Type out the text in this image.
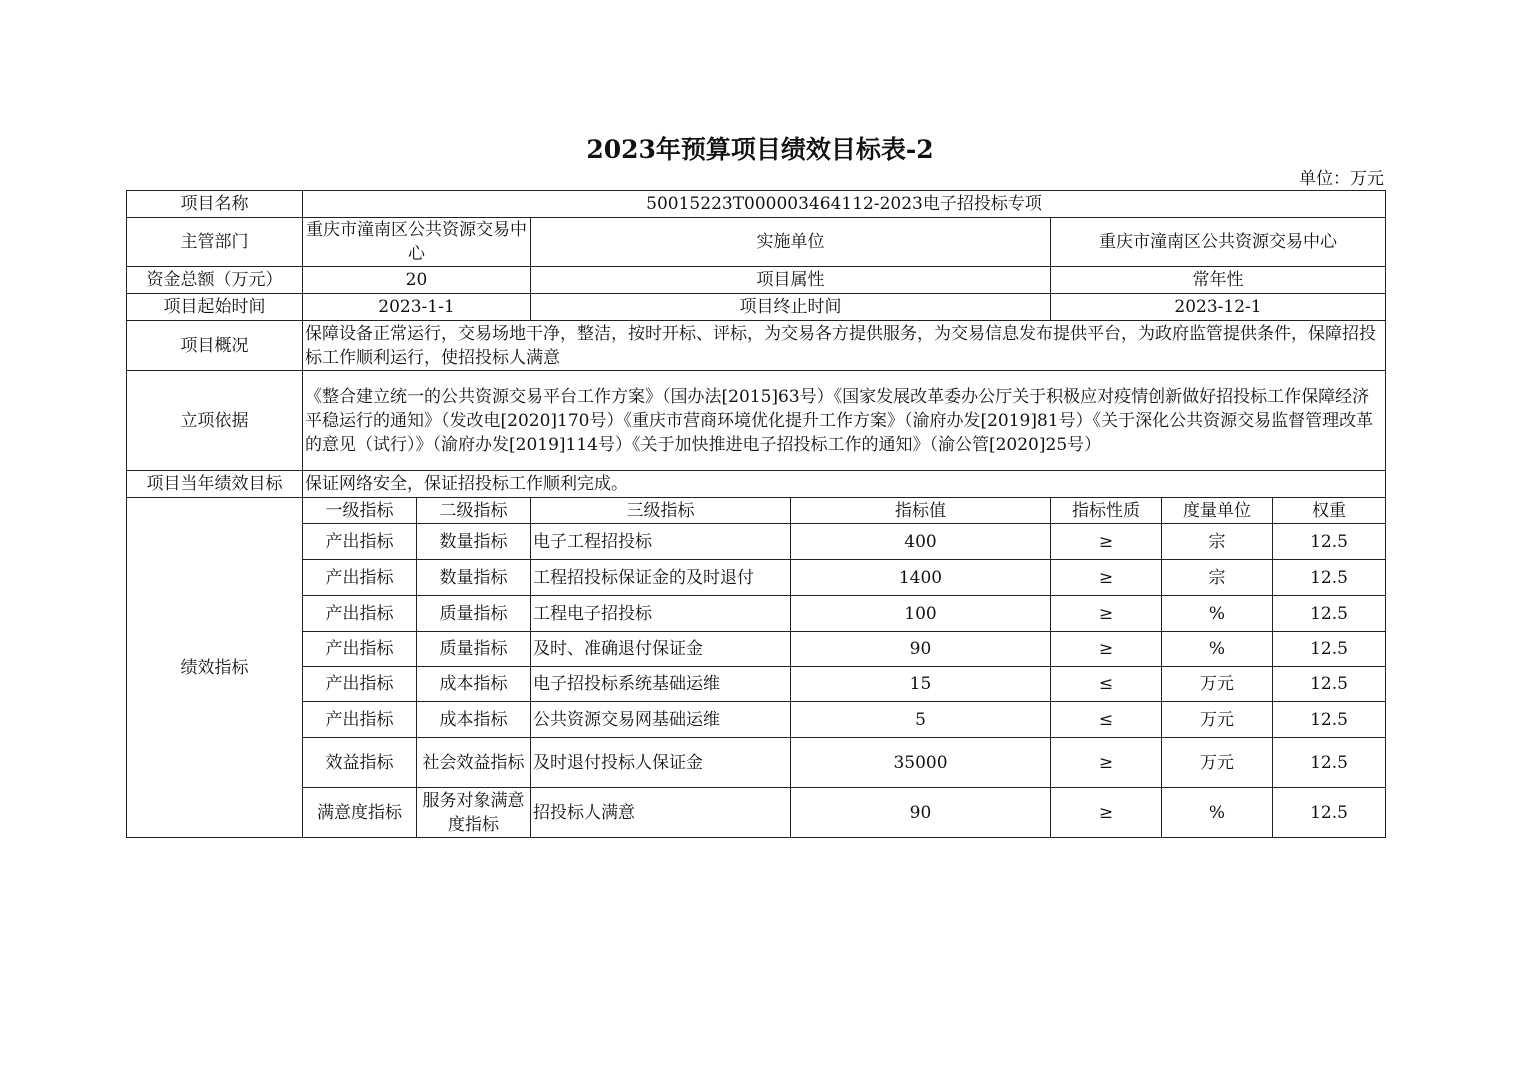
2023年预算项目绩效目标表-2
单位：万元
项目名称	50015223T000003464112-2023电子招投标专项						
主管部门	重庆市潼南区公共资源交易中心		实施单位		重庆市潼南区公共资源交易中心		
资金总额（万元）	20		项目属性		常年性		
项目起始时间	2023-1-1		项目终止时间		2023-12-1		
项目概况	保障设备正常运行，交易场地干净，整洁，按时开标、评标，为交易各方提供服务，为交易信息发布提供平台，为政府监管提供条件，保障招投标工作顺利运行，使招投标人满意						
立项依据	《整合建立统一的公共资源交易平台工作方案》（国办法[2015]63号）《国家发展改革委办公厅关于积极应对疫情创新做好招投标工作保障经济平稳运行的通知》（发改电[2020]170号）《重庆市营商环境优化提升工作方案》（渝府办发[2019]81号）《关于深化公共资源交易监督管理改革的意见（试行）》（渝府办发[2019]114号）《关于加快推进电子招投标工作的通知》（渝公管[2020]25号）						
项目当年绩效目标	保证网络安全，保证招投标工作顺利完成。						
绩效指标	一级指标	二级指标	三级指标	指标值	指标性质	度量单位	权重
	产出指标	数量指标	电子工程招投标	400	≥	宗	12.5
	产出指标	数量指标	工程招投标保证金的及时退付	1400	≥	宗	12.5
	产出指标	质量指标	工程电子招投标	100	≥	%	12.5
	产出指标	质量指标	及时、准确退付保证金	90	≥	%	12.5
	产出指标	成本指标	电子招投标系统基础运维	15	≤	万元	12.5
	产出指标	成本指标	公共资源交易网基础运维	5	≤	万元	12.5
	效益指标	社会效益指标	及时退付投标人保证金	35000	≥	万元	12.5
	满意度指标	服务对象满意度指标	招投标人满意	90	≥	%	12.5
